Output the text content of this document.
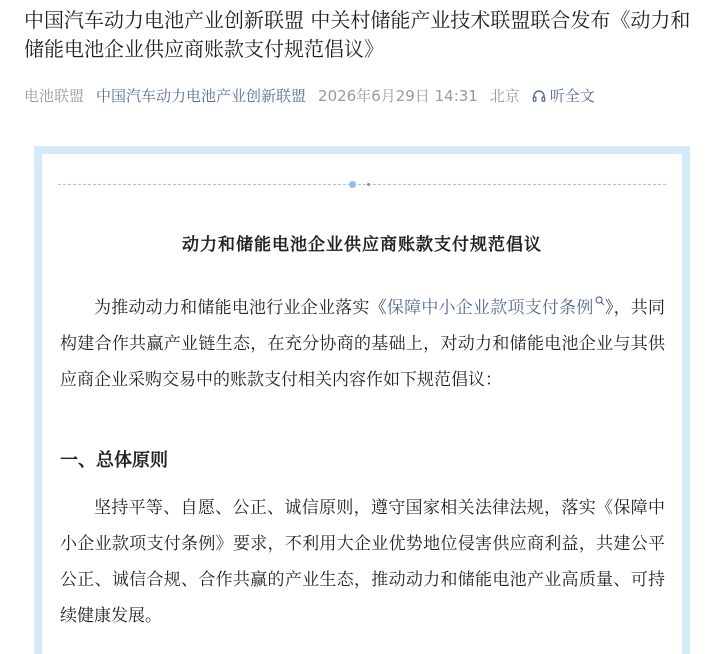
中国汽车动力电池产业创新联盟 中关村储能产业技术联盟联合发布《动力和储能电池企业供应商账款支付规范倡议》
电池联盟 中国汽车动力电池产业创新联盟 2026年6月29日 14:31 北京 听全文
动力和储能电池企业供应商账款支付规范倡议

为推动动力和储能电池行业企业落实《保障中小企业款项支付条例 》，共同构建合作共赢产业链生态，在充分协商的基础上，对动力和储能电池企业与其供应商企业采购交易中的账款支付相关内容作如下规范倡议：

一、总体原则

坚持平等、自愿、公正、诚信原则，遵守国家相关法律法规，落实《保障中小企业款项支付条例》要求，不利用大企业优势地位侵害供应商利益，共建公平公正、诚信合规、合作共赢的产业生态，推动动力和储能电池产业高质量、可持续健康发展。
